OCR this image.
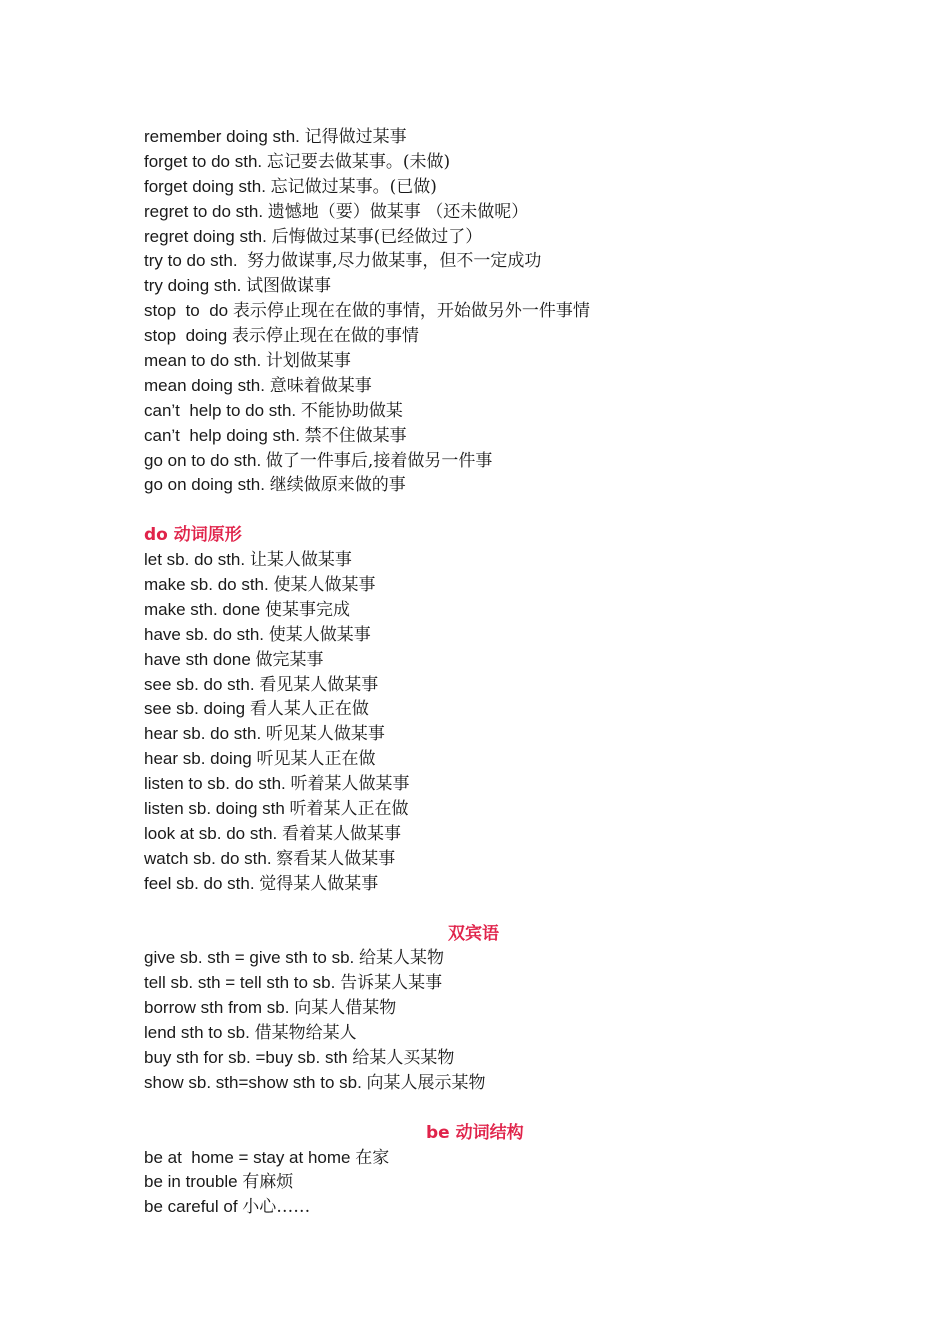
remember doing sth. 记得做过某事
forget to do sth. 忘记要去做某事。(未做)
forget doing sth. 忘记做过某事。(已做)
regret to do sth. 遗憾地（要）做某事 （还未做呢）
regret doing sth. 后悔做过某事(已经做过了）
try to do sth.  努力做谋事,尽力做某事，但不一定成功
try doing sth. 试图做谋事
stop  to  do 表示停止现在在做的事情，开始做另外一件事情
stop  doing 表示停止现在在做的事情
mean to do sth. 计划做某事
mean doing sth. 意味着做某事
can’t  help to do sth. 不能协助做某
can’t  help doing sth. 禁不住做某事
go on to do sth. 做了一件事后,接着做另一件事
go on doing sth. 继续做原来做的事
do 动词原形
let sb. do sth. 让某人做某事
make sb. do sth. 使某人做某事
make sth. done 使某事完成
have sb. do sth. 使某人做某事
have sth done 做完某事
see sb. do sth. 看见某人做某事
see sb. doing 看人某人正在做
hear sb. do sth. 听见某人做某事
hear sb. doing 听见某人正在做
listen to sb. do sth. 听着某人做某事
listen sb. doing sth 听着某人正在做
look at sb. do sth. 看着某人做某事
watch sb. do sth. 察看某人做某事
feel sb. do sth. 觉得某人做某事
双宾语
give sb. sth = give sth to sb. 给某人某物
tell sb. sth = tell sth to sb. 告诉某人某事
borrow sth from sb. 向某人借某物
lend sth to sb. 借某物给某人
buy sth for sb. =buy sb. sth 给某人买某物
show sb. sth=show sth to sb. 向某人展示某物
be 动词结构
be at  home = stay at home 在家
be in trouble 有麻烦
be careful of 小心……
